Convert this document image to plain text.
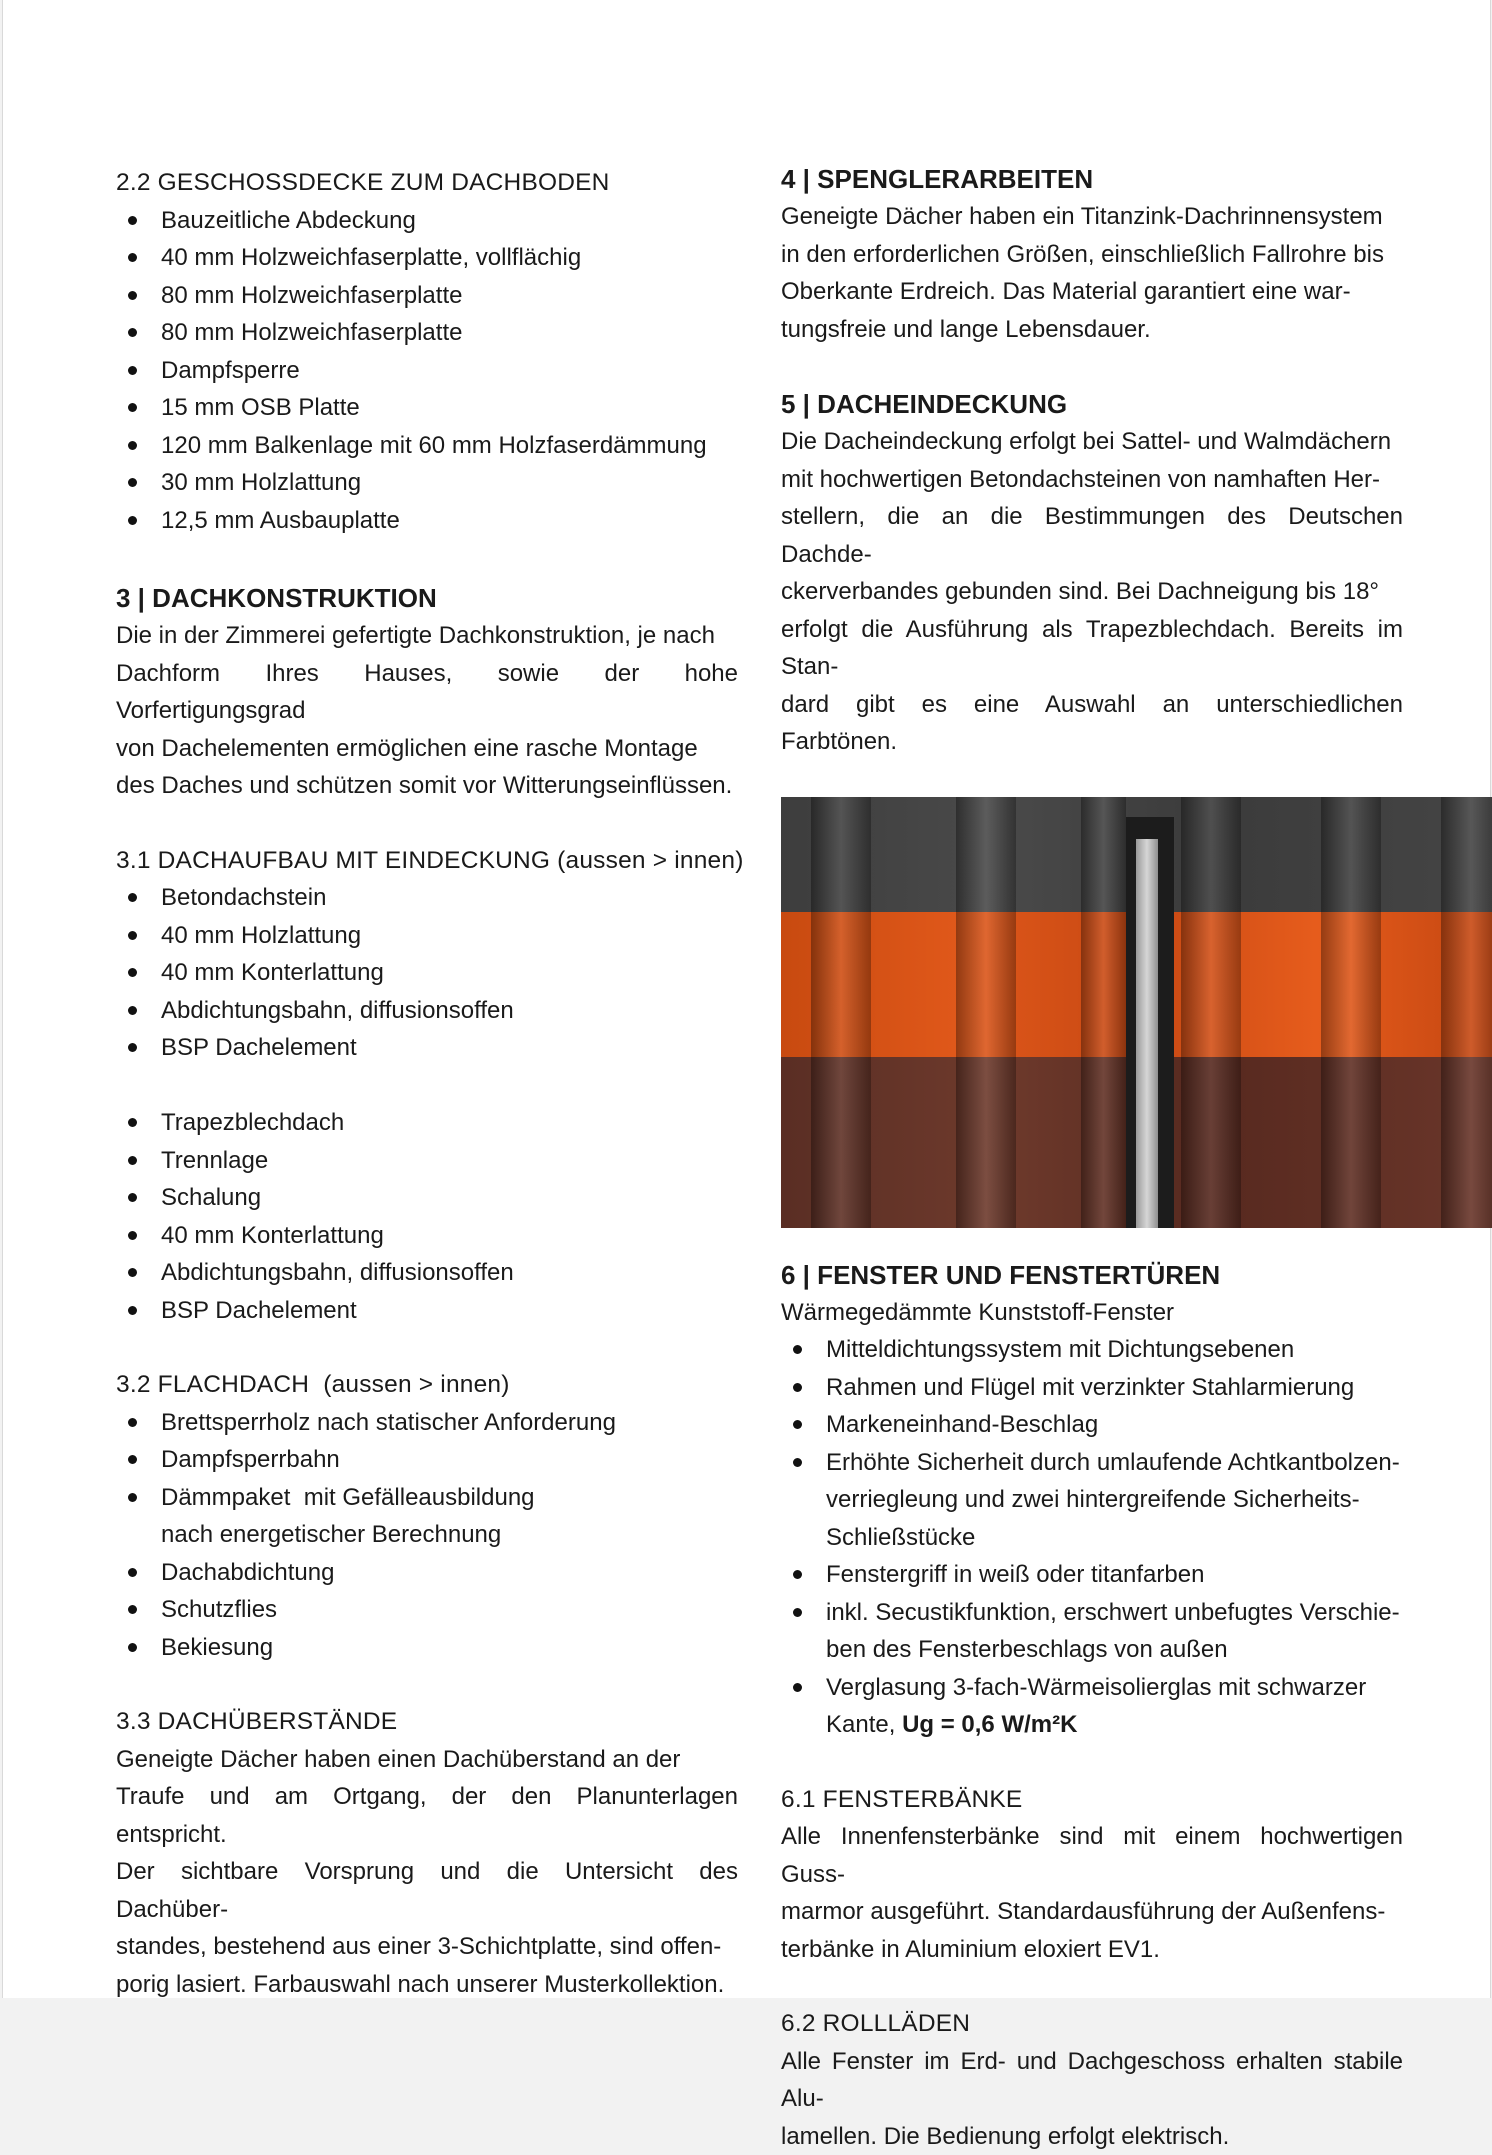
2.2 GESCHOSSDECKE ZUM DACHBODEN
Bauzeitliche Abdeckung
40 mm Holzweichfaserplatte, vollflächig
80 mm Holzweichfaserplatte
80 mm Holzweichfaserplatte
Dampfsperre
15 mm OSB Platte
120 mm Balkenlage mit 60 mm Holzfaserdämmung
30 mm Holzlattung
12,5 mm Ausbauplatte
3 | DACHKONSTRUKTION

Die in der Zimmerei gefertigte Dachkonstruktion, je nach
Dachform Ihres Hauses, sowie der hohe Vorfertigungsgrad
von Dachelementen ermöglichen eine rasche Montage
des Daches und schützen somit vor Witterungseinflüssen.

3.1 DACHAUFBAU MIT EINDECKUNG (aussen > innen)
Betondachstein
40 mm Holzlattung
40 mm Konterlattung
Abdichtungsbahn, diffusionsoffen
BSP Dachelement
Trapezblechdach
Trennlage
Schalung
40 mm Konterlattung
Abdichtungsbahn, diffusionsoffen
BSP Dachelement
3.2 FLACHDACH  (aussen > innen)
Brettsperrholz nach statischer Anforderung
Dampfsperrbahn
Dämmpaket  mit Gefälleausbildung
nach energetischer Berechnung
Dachabdichtung
Schutzflies
Bekiesung
3.3 DACHÜBERSTÄNDE

Geneigte Dächer haben einen Dachüberstand an der
Traufe und am Ortgang, der den Planunterlagen entspricht.
Der sichtbare Vorsprung und die Untersicht des Dachüber-
standes, bestehend aus einer 3-Schichtplatte, sind offen-
porig lasiert. Farbauswahl nach unserer Musterkollektion.

4 | SPENGLERARBEITEN

Geneigte Dächer haben ein Titanzink-Dachrinnensystem
in den erforderlichen Größen, einschließlich Fallrohre bis
Oberkante Erdreich. Das Material garantiert eine war-
tungsfreie und lange Lebensdauer.

5 | DACHEINDECKUNG

Die Dacheindeckung erfolgt bei Sattel- und Walmdächern
mit hochwertigen Betondachsteinen von namhaften Her-
stellern, die an die Bestimmungen des Deutschen Dachde-
ckerverbandes gebunden sind. Bei Dachneigung bis 18°
erfolgt die Ausführung als Trapezblechdach. Bereits im Stan-
dard gibt es eine Auswahl an unterschiedlichen Farbtönen.

6 | FENSTER UND FENSTERTÜREN

Wärmegedämmte Kunststoff-Fenster

Mitteldichtungssystem mit Dichtungsebenen
Rahmen und Flügel mit verzinkter Stahlarmierung
Markeneinhand-Beschlag
Erhöhte Sicherheit durch umlaufende Achtkantbolzen-
verriegleung und zwei hintergreifende Sicherheits-
Schließstücke
Fenstergriff in weiß oder titanfarben
inkl. Secustikfunktion, erschwert unbefugtes Verschie-
ben des Fensterbeschlags von außen
Verglasung 3-fach-Wärmeisolierglas mit schwarzer
Kante, Ug = 0,6 W/m²K
6.1 FENSTERBÄNKE

Alle Innenfensterbänke sind mit einem hochwertigen Guss-
marmor ausgeführt. Standardausführung der Außenfens-
terbänke in Aluminium eloxiert EV1.

6.2 ROLLLÄDEN

Alle Fenster im Erd- und Dachgeschoss erhalten stabile Alu-
lamellen. Die Bedienung erfolgt elektrisch.
